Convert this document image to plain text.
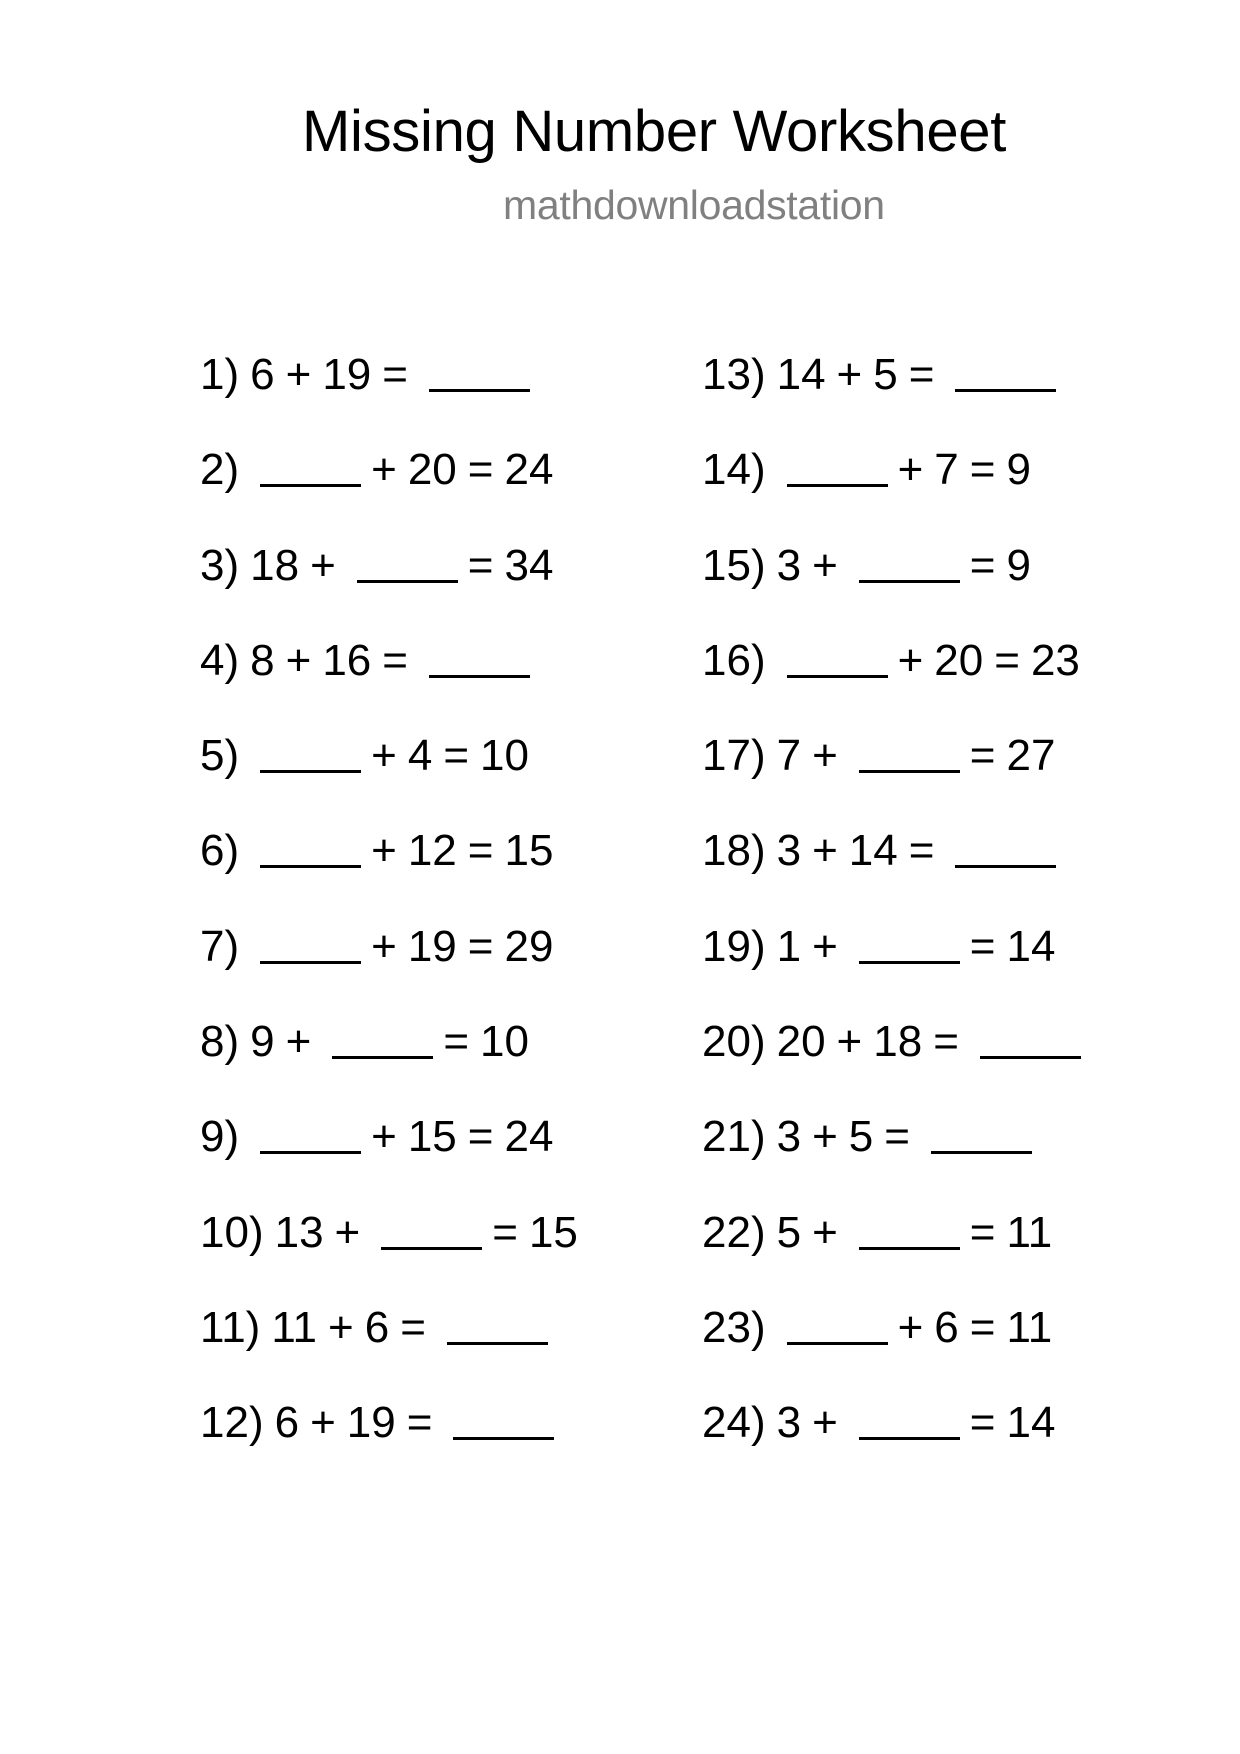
Missing Number Worksheet
mathdownloadstation
1) 6 + 19 =
2)	+ 20 = 24
3) 18 +	= 34
4) 8 + 16 =
5)	+ 4 = 10
6)	+ 12 = 15
7)	+ 19 = 29
8) 9 +	= 10
9)	+ 15 = 24
10) 13 +	= 15
11) 11 + 6 =
12) 6 + 19 =
13) 14 + 5 =
14)	+ 7 = 9
15) 3 +	= 9
16)	+ 20 = 23
17) 7 +	= 27
18) 3 + 14 =
19) 1 +	= 14
20) 20 + 18 =
21) 3 + 5 =
22) 5 +	= 11
23)	+ 6 = 11
24) 3 +	= 14
